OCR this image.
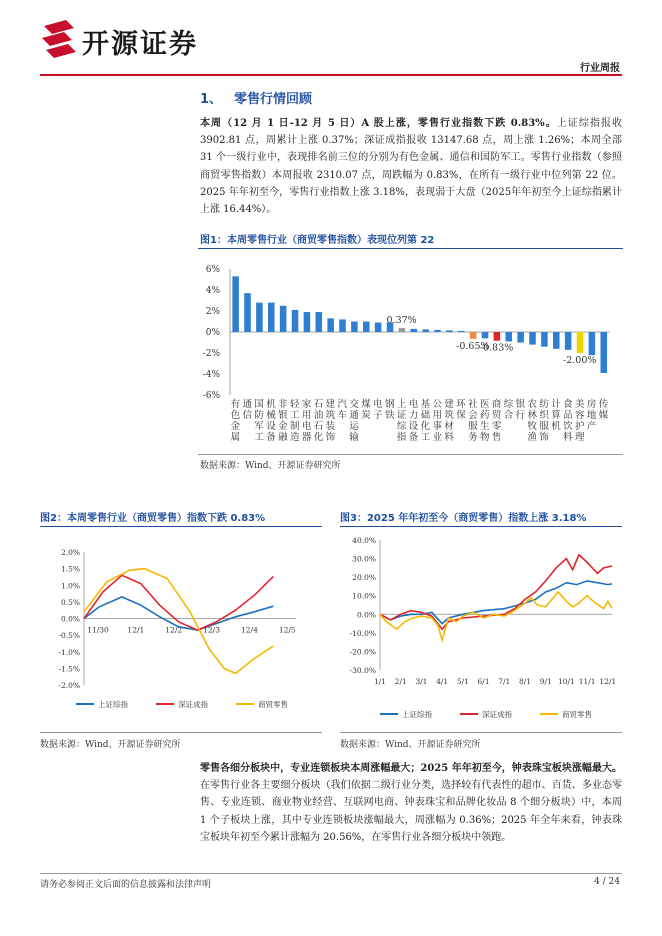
开源证券
行业周报
1、 零售行情回顾
本周（12 月 1 日-12 月 5 日）A 股上涨，零售行业指数下跌 0.83%。上证综指报收3902.81 点，周累计上涨 0.37%；深证成指报收 13147.68 点，周上涨 1.26%；本周全部 31 个一级行业中，表现排名前三位的分别为有色金属、通信和国防军工。零售行业指数（参照商贸零售指数）本周报收 2310.07 点，周跌幅为 0.83%，在所有一级行业中位列第 22 位。2025 年年初至今，零售行业指数上涨 3.18%，表现弱于大盘（2025年年初至今上证综指累计上涨 16.44%）。
图1：本周零售行业（商贸零售指数）表现位列第 22
6%
4%
2%
0%
-2%
-4%
-6%
0.37%
-0.65%
-0.83%
-2.00%
有
色
金
属
通
信
国
防
军
工
机
械
设
备
非
银
金
融
轻
工
制
造
家
用
电
器
石
油
石
化
建
筑
装
饰
汽
车
交
通
运
输
煤
炭
电
子
钢
铁
上
证
综
指
电
力
设
备
基
础
化
工
公
用
事
业
建
筑
材
料
环
保
社
会
服
务
医
药
生
物
商
贸
零
售
综
合
银
行
农
林
牧
渔
纺
织
服
饰
计
算
机
食
品
饮
料
美
容
护
理
房
地
产
传
媒
数据来源：Wind、开源证券研究所
图2：本周零售行业（商贸零售）指数下跌 0.83%
2.0%
1.5%
1.0%
0.5%
0.0%
-0.5%
-1.0%
-1.5%
-2.0%
11/30 12/1	12/2	12/3	12/4	12/5
上证综指	深证成指	商贸零售
数据来源：Wind、开源证券研究所
图3：2025 年年初至今（商贸零售）指数上涨 3.18%
40.0%
30.0%
20.0%
10.0%
0.0%
-10.0%
-20.0%
-30.0%
1/1 2/1 3/1 4/1 5/1 6/1 7/1 8/1 9/1 10/1 11/1 12/1
上证综指	深证成指	商贸零售
数据来源：Wind、开源证券研究所
零售各细分板块中，专业连锁板块本周涨幅最大；2025 年年初至今，钟表珠宝板块涨幅最大。在零售行业各主要细分板块（我们依据二级行业分类，选择较有代表性的超市、百货、多业态零售、专业连锁、商业物业经营、互联网电商、钟表珠宝和品牌化妆品 8 个细分板块）中，本周 1 个子板块上涨，其中专业连锁板块涨幅最大，周涨幅为 0.36%；2025 年全年来看，钟表珠宝板块年初至今累计涨幅为 20.56%，在零售行业各细分板块中领跑。
请务必参阅正文后面的信息披露和法律声明	4 / 24
